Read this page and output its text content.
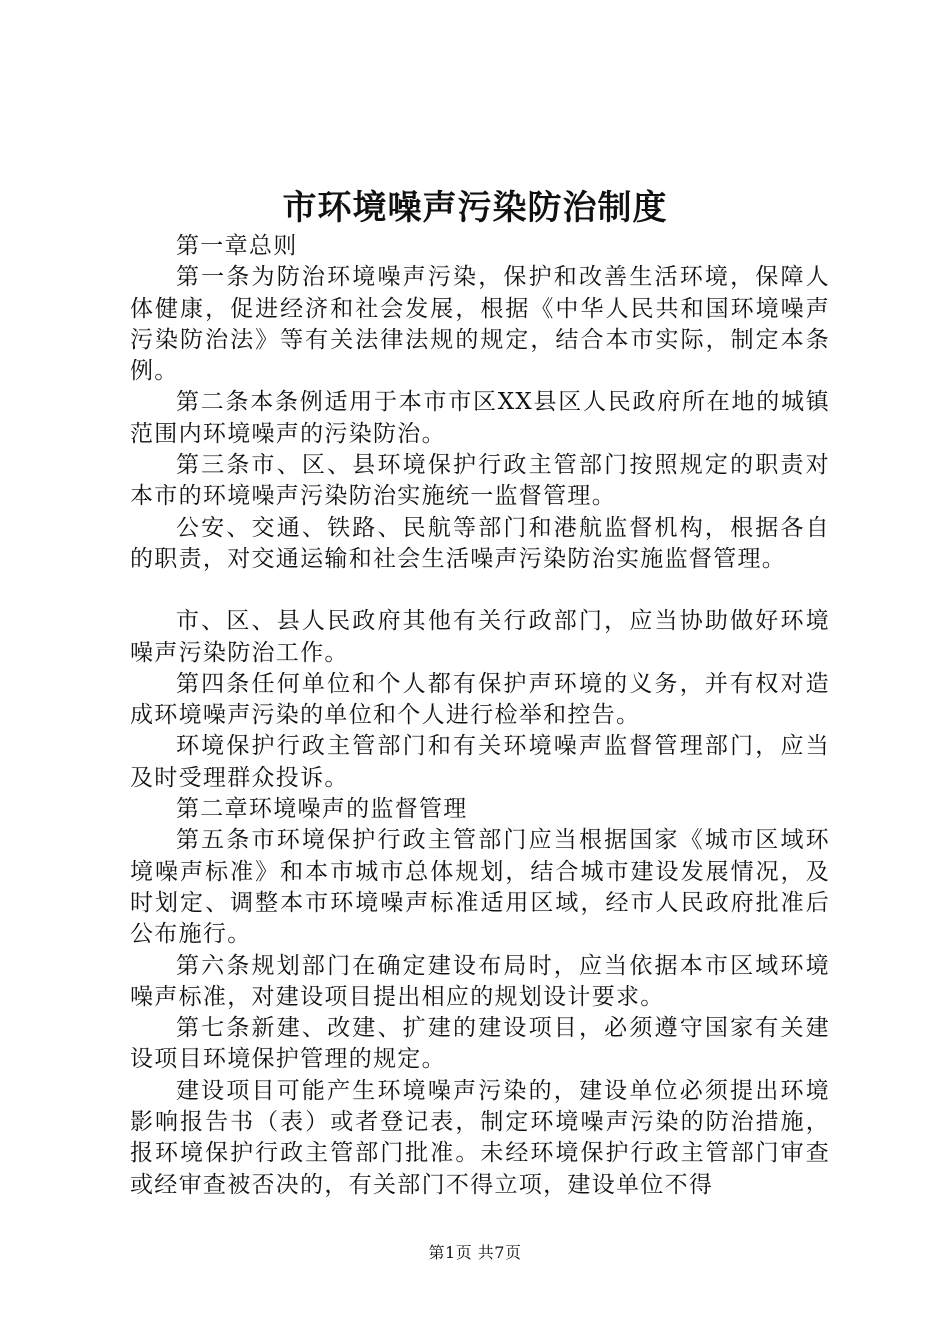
市环境噪声污染防治制度

第一章总则

第一条为防治环境噪声污染，保护和改善生活环境，保障人体健康，促进经济和社会发展，根据《中华人民共和国环境噪声污染防治法》等有关法律法规的规定，结合本市实际，制定本条例。

第二条本条例适用于本市市区XX县区人民政府所在地的城镇范围内环境噪声的污染防治。

第三条市、区、县环境保护行政主管部门按照规定的职责对本市的环境噪声污染防治实施统一监督管理。

公安、交通、铁路、民航等部门和港航监督机构，根据各自的职责，对交通运输和社会生活噪声污染防治实施监督管理。

市、区、县人民政府其他有关行政部门，应当协助做好环境噪声污染防治工作。

第四条任何单位和个人都有保护声环境的义务，并有权对造成环境噪声污染的单位和个人进行检举和控告。

环境保护行政主管部门和有关环境噪声监督管理部门，应当及时受理群众投诉。

第二章环境噪声的监督管理

第五条市环境保护行政主管部门应当根据国家《城市区域环境噪声标准》和本市城市总体规划，结合城市建设发展情况，及时划定、调整本市环境噪声标准适用区域，经市人民政府批准后公布施行。

第六条规划部门在确定建设布局时，应当依据本市区域环境噪声标准，对建设项目提出相应的规划设计要求。

第七条新建、改建、扩建的建设项目，必须遵守国家有关建设项目环境保护管理的规定。

建设项目可能产生环境噪声污染的，建设单位必须提出环境影响报告书（表）或者登记表，制定环境噪声污染的防治措施，报环境保护行政主管部门批准。未经环境保护行政主管部门审查或经审查被否决的，有关部门不得立项，建设单位不得

第1页 共7页
